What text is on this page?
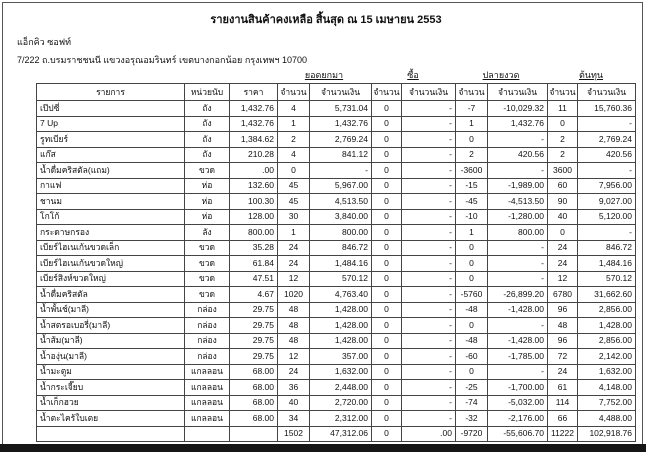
รายงานสินค้าคงเหลือ สิ้นสุด ณ 15 เมษายน 2553
แอ็กคิว ซอฟท์
7/222 ถ.บรมราชชนนี แขวงอรุณอมรินทร์ เขตบางกอกน้อย กรุงเทพฯ 10700
ยอดยกมา	ซื้อ	ปลายงวด	ต้นทุน
รายการ	หน่วยนับ	ราคา	จำนวน	จำนวนเงิน	จำนวน	จำนวนเงิน	จำนวน	จำนวนเงิน	จำนวน	จำนวนเงิน
เป๊ปซี่	ถัง	1,432.76	4	5,731.04	0	-	-7	-10,029.32	11	15,760.36
7 Up	ถัง	1,432.76	1	1,432.76	0	-	1	1,432.76	0	-
รูทเบียร์	ถัง	1,384.62	2	2,769.24	0	-	0	-	2	2,769.24
แก๊ส	ถัง	210.28	4	841.12	0	-	2	420.56	2	420.56
น้ำดื่มคริสตัล(แถม)	ขวด	.00	0	-	0	-	-3600	-	3600	-
กาแฟ	ห่อ	132.60	45	5,967.00	0	-	-15	-1,989.00	60	7,956.00
ชานม	ห่อ	100.30	45	4,513.50	0	-	-45	-4,513.50	90	9,027.00
โกโก้	ห่อ	128.00	30	3,840.00	0	-	-10	-1,280.00	40	5,120.00
กระดาษกรอง	ลัง	800.00	1	800.00	0	-	1	800.00	0	-
เบียร์ไฮเนเก้นขวดเล็ก	ขวด	35.28	24	846.72	0	-	0	-	24	846.72
เบียร์ไฮเนเก้นขวดใหญ่	ขวด	61.84	24	1,484.16	0	-	0	-	24	1,484.16
เบียร์สิงห์ขวดใหญ่	ขวด	47.51	12	570.12	0	-	0	-	12	570.12
น้ำดื่มคริสตัล	ขวด	4.67	1020	4,763.40	0	-	-5760	-26,899.20	6780	31,662.60
น้ำพั้นช์(มาลี)	กล่อง	29.75	48	1,428.00	0	-	-48	-1,428.00	96	2,856.00
น้ำสตรอเบอรี่(มาลี)	กล่อง	29.75	48	1,428.00	0	-	0	-	48	1,428.00
น้ำส้ม(มาลี)	กล่อง	29.75	48	1,428.00	0	-	-48	-1,428.00	96	2,856.00
น้ำองุ่น(มาลี)	กล่อง	29.75	12	357.00	0	-	-60	-1,785.00	72	2,142.00
น้ำมะตูม	แกลลอน	68.00	24	1,632.00	0	-	0	-	24	1,632.00
น้ำกระเจี๊ยบ	แกลลอน	68.00	36	2,448.00	0	-	-25	-1,700.00	61	4,148.00
น้ำเก็กฮวย	แกลลอน	68.00	40	2,720.00	0	-	-74	-5,032.00	114	7,752.00
น้ำตะไคร้ใบเตย	แกลลอน	68.00	34	2,312.00	0	-	-32	-2,176.00	66	4,488.00
			1502	47,312.06	0	.00	-9720	-55,606.70	11222	102,918.76
